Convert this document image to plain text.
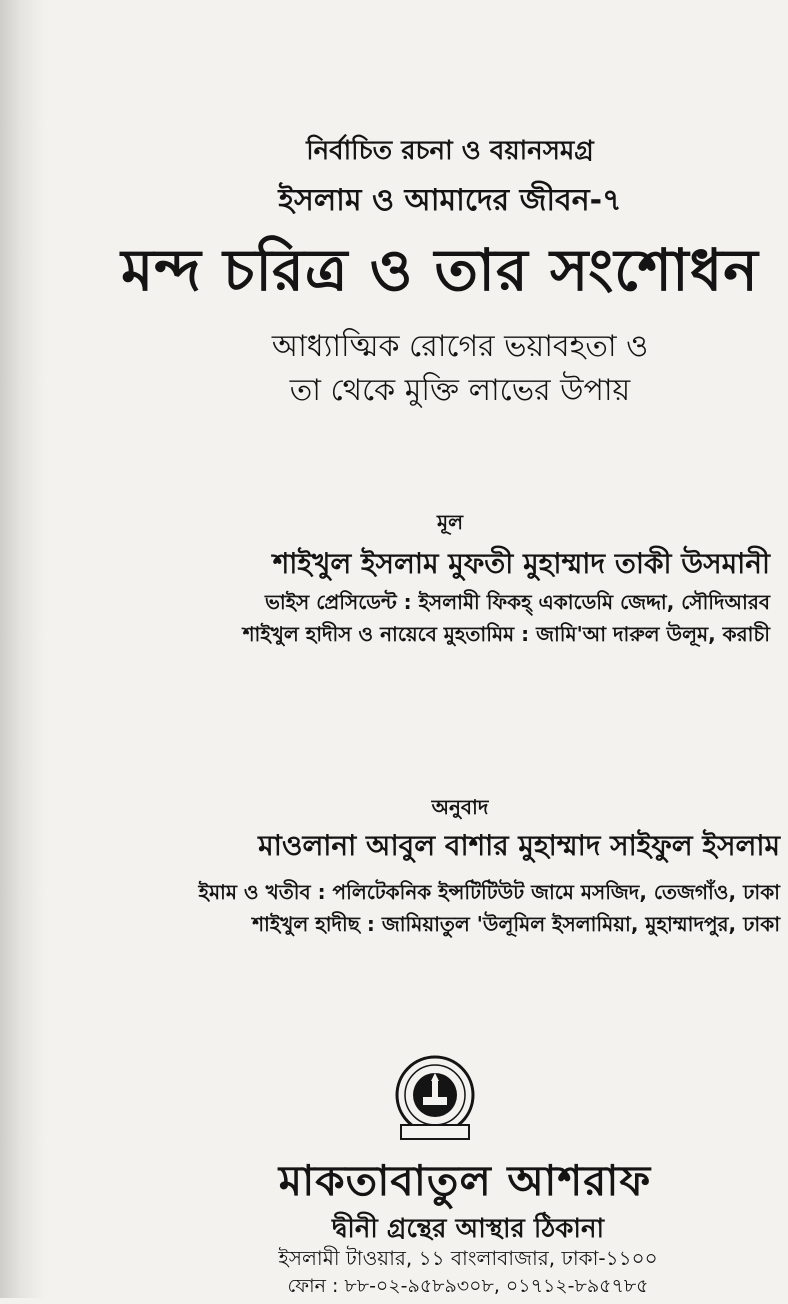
নির্বাচিত রচনা ও বয়ানসমগ্র
ইসলাম ও আমাদের জীবন-৭
মন্দ চরিত্র ও তার সংশোধন
আধ্যাত্মিক রোগের ভয়াবহতা ও
তা থেকে মুক্তি লাভের উপায়
মূল
শাইখুল ইসলাম মুফতী মুহাম্মাদ তাকী উসমানী
ভাইস প্রেসিডেন্ট : ইসলামী ফিকহ্ একাডেমি জেদ্দা, সৌদিআরব
শাইখুল হাদীস ও নায়েবে মুহতামিম : জামি'আ দারুল উলূম, করাচী
অনুবাদ
মাওলানা আবুল বাশার মুহাম্মাদ সাইফুল ইসলাম
ইমাম ও খতীব : পলিটেকনিক ইন্সটিটিউট জামে মসজিদ, তেজগাঁও, ঢাকা
শাইখুল হাদীছ : জামিয়াতুল 'উলূমিল ইসলামিয়া, মুহাম্মাদপুর, ঢাকা
মাকতাবাতুল আশরাফ
দ্বীনী গ্রন্থের আস্থার ঠিকানা
ইসলামী টাওয়ার, ১১ বাংলাবাজার, ঢাকা-১১০০
ফোন : ৮৮-০২-৯৫৮৯৩০৮, ০১৭১২-৮৯৫৭৮৫
